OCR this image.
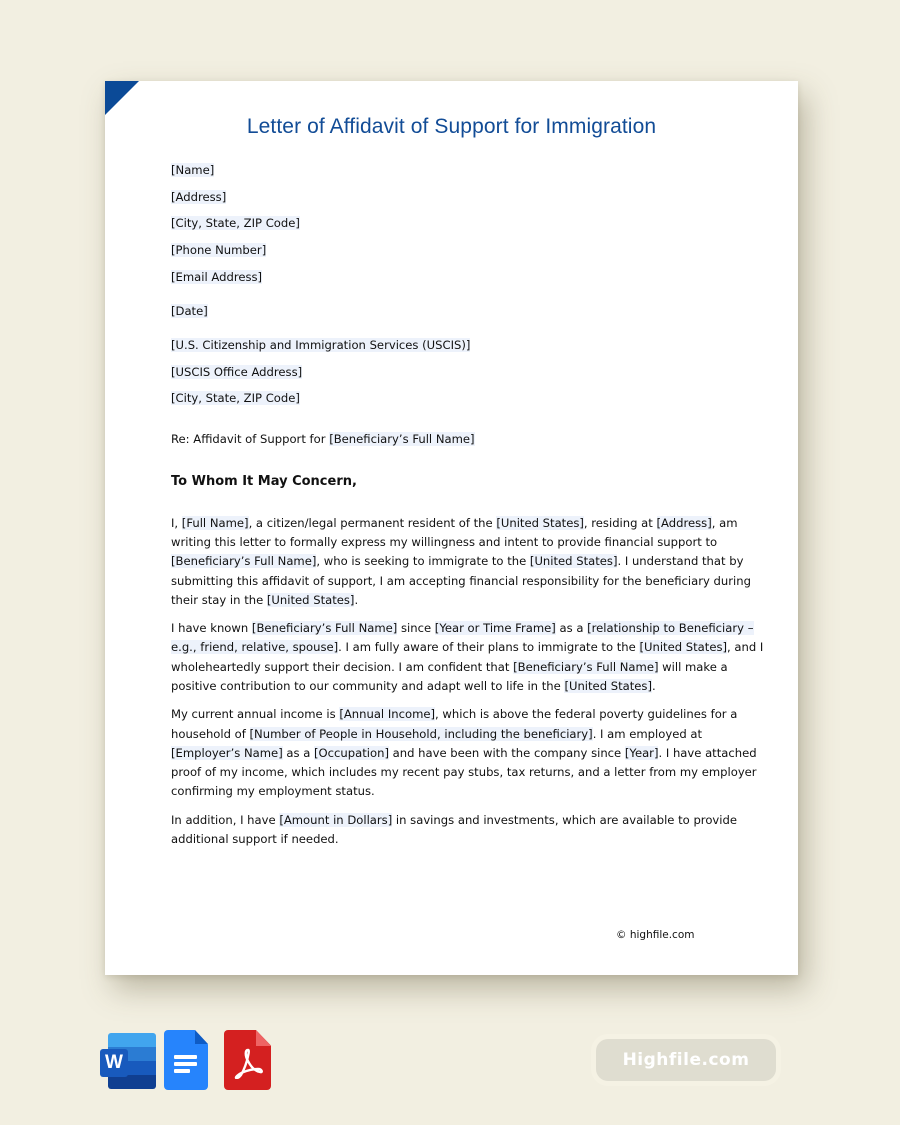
Letter of Affidavit of Support for Immigration
[Name]
[Address]
[City, State, ZIP Code]
[Phone Number]
[Email Address]
[Date]
[U.S. Citizenship and Immigration Services (USCIS)]
[USCIS Office Address]
[City, State, ZIP Code]
Re: Affidavit of Support for [Beneficiary’s Full Name]
To Whom It May Concern,
I, [Full Name], a citizen/legal permanent resident of the [United States], residing at [Address], am
writing this letter to formally express my willingness and intent to provide financial support to
[Beneficiary’s Full Name], who is seeking to immigrate to the [United States]. I understand that by
submitting this affidavit of support, I am accepting financial responsibility for the beneficiary during
their stay in the [United States].
I have known [Beneficiary’s Full Name] since [Year or Time Frame] as a [relationship to Beneficiary –
e.g., friend, relative, spouse]. I am fully aware of their plans to immigrate to the [United States], and I
wholeheartedly support their decision. I am confident that [Beneficiary’s Full Name] will make a
positive contribution to our community and adapt well to life in the [United States].
My current annual income is [Annual Income], which is above the federal poverty guidelines for a
household of [Number of People in Household, including the beneficiary]. I am employed at
[Employer’s Name] as a [Occupation] and have been with the company since [Year]. I have attached
proof of my income, which includes my recent pay stubs, tax returns, and a letter from my employer
confirming my employment status.
In addition, I have [Amount in Dollars] in savings and investments, which are available to provide
additional support if needed.
© highfile.com
W	Highfile.com
